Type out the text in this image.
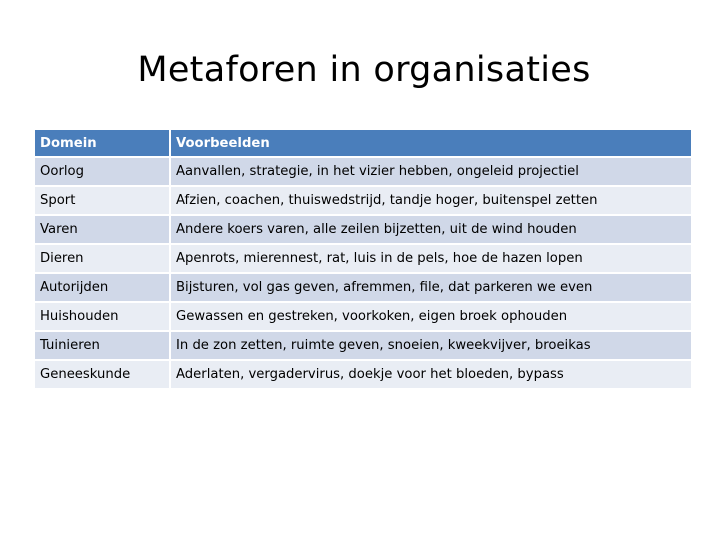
Metaforen in organisaties
Domein	Voorbeelden
Oorlog	Aanvallen, strategie, in het vizier hebben, ongeleid projectiel
Sport	Afzien, coachen, thuiswedstrijd, tandje hoger, buitenspel zetten
Varen	Andere koers varen, alle zeilen bijzetten, uit de wind houden
Dieren	Apenrots, mierennest, rat, luis in de pels, hoe de hazen lopen
Autorijden	Bijsturen, vol gas geven, afremmen, file, dat parkeren we even
Huishouden	Gewassen en gestreken, voorkoken, eigen broek ophouden
Tuinieren	In de zon zetten, ruimte geven, snoeien, kweekvijver, broeikas
Geneeskunde	Aderlaten, vergadervirus, doekje voor het bloeden, bypass
